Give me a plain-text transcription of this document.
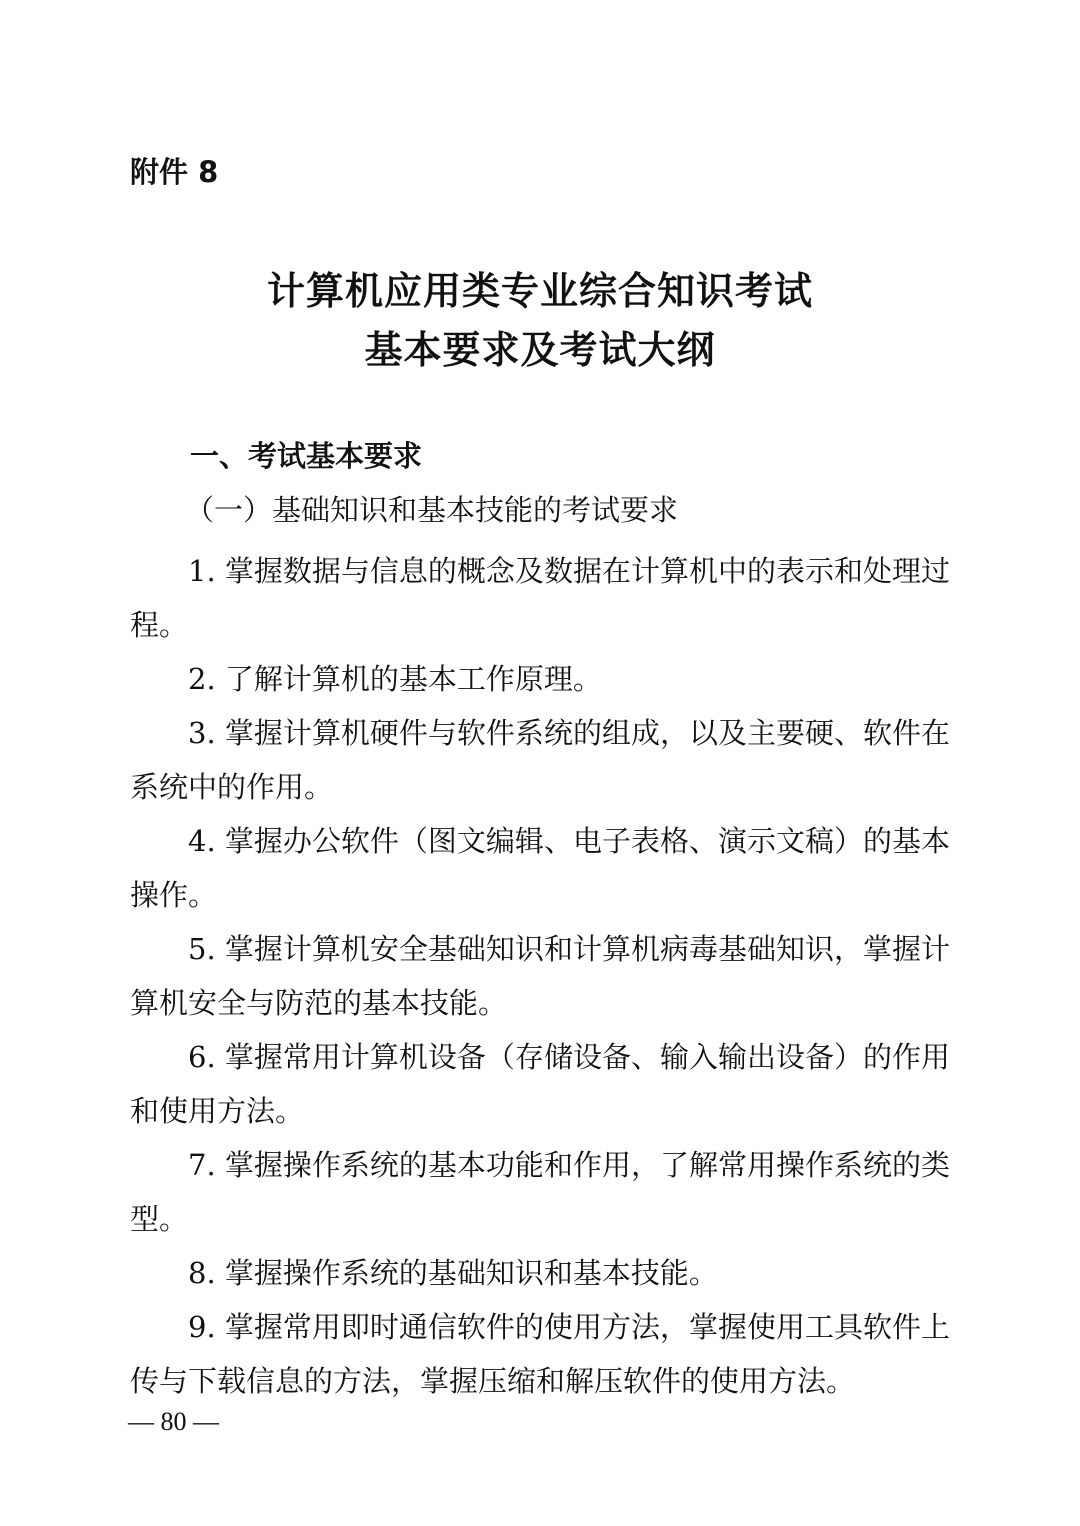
附件 8
计算机应用类专业综合知识考试
基本要求及考试大纲
一、考试基本要求
（一）基础知识和基本技能的考试要求

1. 掌握数据与信息的概念及数据在计算机中的表示和处理过程。

2. 了解计算机的基本工作原理。

3. 掌握计算机硬件与软件系统的组成，以及主要硬、软件在系统中的作用。

4. 掌握办公软件（图文编辑、电子表格、演示文稿）的基本操作。

5. 掌握计算机安全基础知识和计算机病毒基础知识，掌握计算机安全与防范的基本技能。

6. 掌握常用计算机设备（存储设备、输入输出设备）的作用和使用方法。

7. 掌握操作系统的基本功能和作用，了解常用操作系统的类型。

8. 掌握操作系统的基础知识和基本技能。

9. 掌握常用即时通信软件的使用方法，掌握使用工具软件上传与下载信息的方法，掌握压缩和解压软件的使用方法。

— 80 —
